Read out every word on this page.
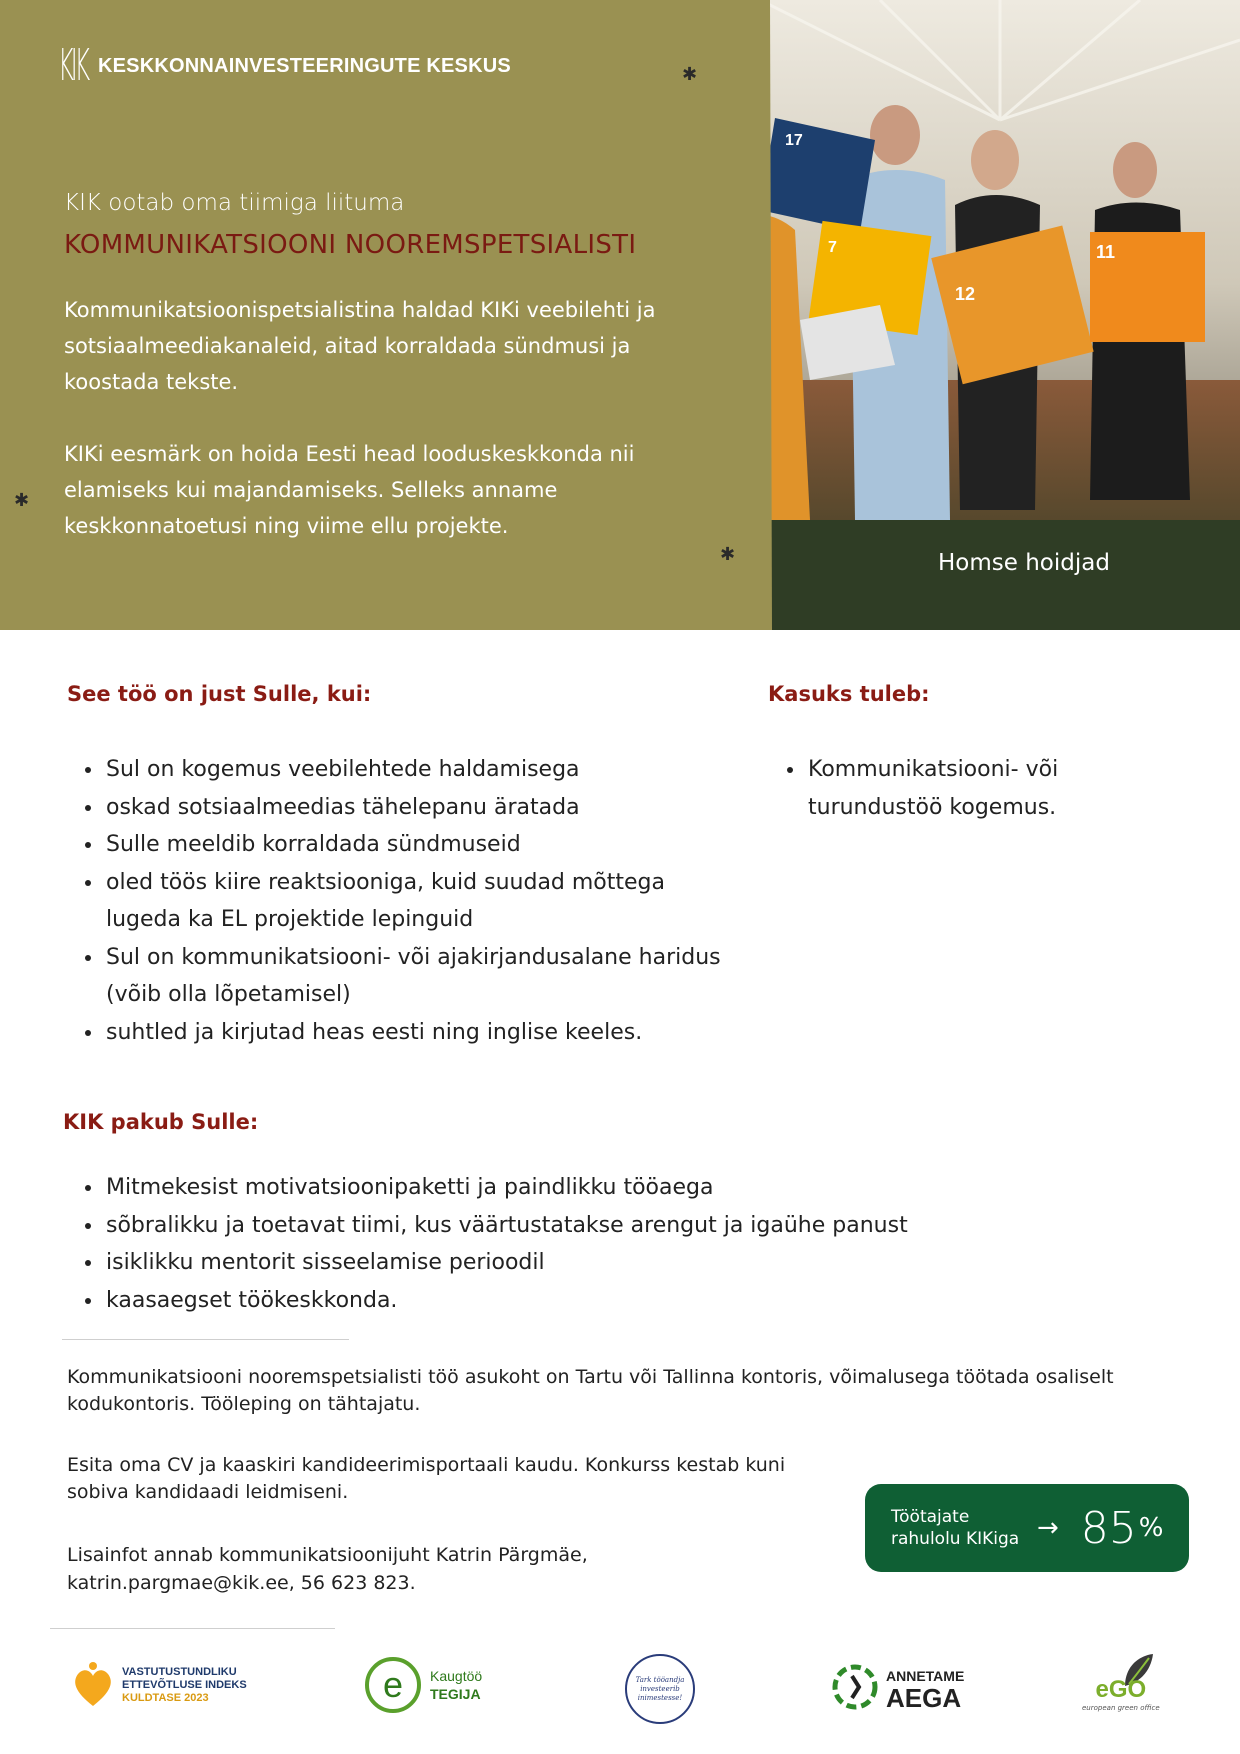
17
7
12
11
KIK KESKKONNAINVESTEERINGUTE KESKUS	✱
✱
✱
KIK ootab oma tiimiga liituma
KOMMUNIKATSIOONI NOOREMSPETSIALISTI

Kommunikatsioonispetsialistina haldad KIKi veebilehti ja sotsiaalmeediakanaleid, aitad korraldada sündmusi ja koostada tekste.

KIKi eesmärk on hoida Eesti head looduskeskkonda nii elamiseks kui majandamiseks. Selleks anname keskkonnatoetusi ning viime ellu projekte.

Homse hoidjad
See töö on just Sulle, kui:
• Sul on kogemus veebilehtede haldamisega
• oskad sotsiaalmeedias tähelepanu äratada
• Sulle meeldib korraldada sündmuseid
• oled töös kiire reaktsiooniga, kuid suudad mõttega lugeda ka EL projektide lepinguid
• Sul on kommunikatsiooni- või ajakirjandusalane haridus (võib olla lõpetamisel)
• suhtled ja kirjutad heas eesti ning inglise keeles.
Kasuks tuleb:
• Kommunikatsiooni- või turundustöö kogemus.
KIK pakub Sulle:
• Mitmekesist motivatsioonipaketti ja paindlikku tööaega
• sõbralikku ja toetavat tiimi, kus väärtustatakse arengut ja igaühe panust
• isiklikku mentorit sisseelamise perioodil
• kaasaegset töökeskkonda.

Kommunikatsiooni nooremspetsialisti töö asukoht on Tartu või Tallinna kontoris, võimalusega töötada osaliselt kodukontoris. Tööleping on tähtajatu.

Esita oma CV ja kaaskiri kandideerimisportaali kaudu. Konkurss kestab kuni sobiva kandidaadi leidmiseni.

Lisainfot annab kommunikatsioonijuht Katrin Pärgmäe,

katrin.pargmae@kik.ee, 56 623 823.

Töötajate rahulolu KIKiga → 85 %
VASTUTUSTUNDLIKU
ETTEVÕTLUSE INDEKS
KULDTASE 2023	e Kaugtöö
TEGIJA
Tark tööandja
investeerib
inimestesse!
ANNETAME
AEGA	eGO
european green office
